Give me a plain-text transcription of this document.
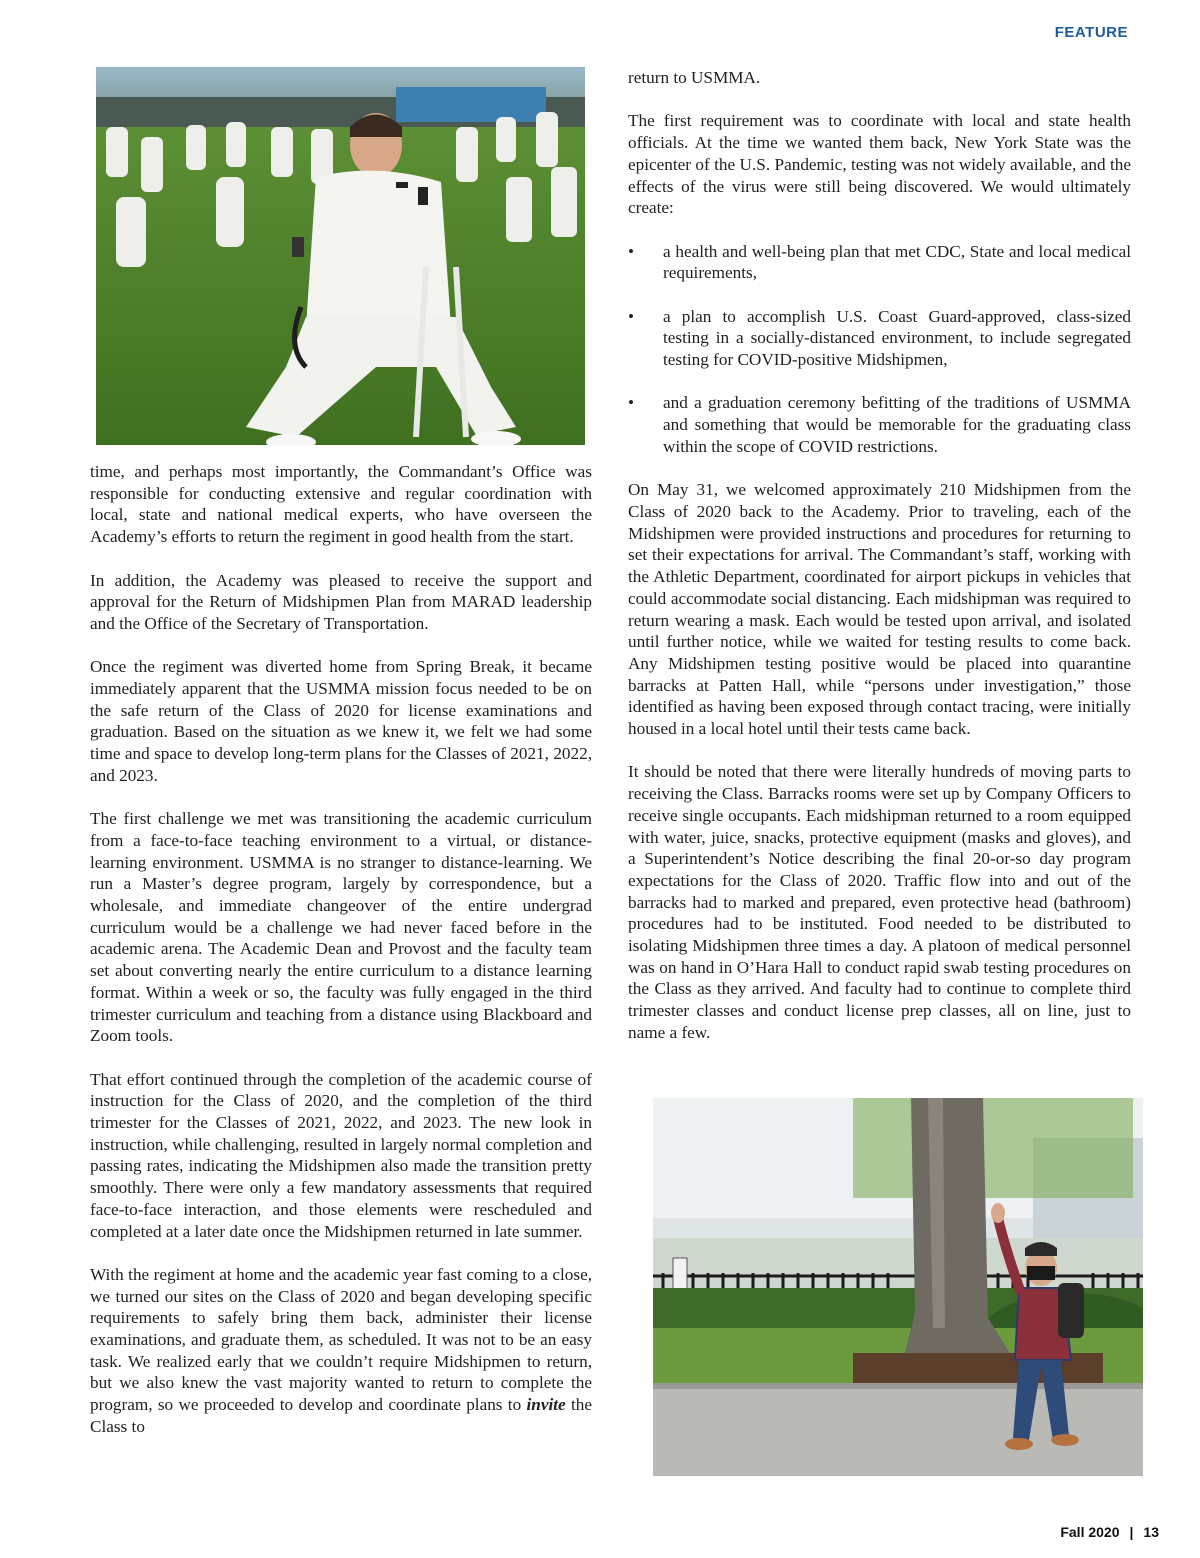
FEATURE

time, and perhaps most importantly, the Commandant’s Office was responsible for conducting extensive and regular coordination with local, state and national medical experts, who have overseen the Academy’s efforts to return the regiment in good health from the start.

In addition, the Academy was pleased to receive the support and approval for the Return of Midshipmen Plan from MARAD leadership and the Office of the Secretary of Transportation.

Once the regiment was diverted home from Spring Break, it became immediately apparent that the USMMA mission focus needed to be on the safe return of the Class of 2020 for license examinations and graduation. Based on the situation as we knew it, we felt we had some time and space to develop long-term plans for the Classes of 2021, 2022, and 2023.

The first challenge we met was transitioning the academic curriculum from a face-to-face teaching environment to a virtual, or distance-learning environment. USMMA is no stranger to distance-learning. We run a Master’s degree program, largely by correspondence, but a wholesale, and immediate changeover of the entire undergrad curriculum would be a challenge we had never faced before in the academic arena. The Academic Dean and Provost and the faculty team set about converting nearly the entire curriculum to a distance learning format. Within a week or so, the faculty was fully engaged in the third trimester curriculum and teaching from a distance using Blackboard and Zoom tools.

That effort continued through the completion of the academic course of instruction for the Class of 2020, and the completion of the third trimester for the Classes of 2021, 2022, and 2023. The new look in instruction, while challenging, resulted in largely normal completion and passing rates, indicating the Midshipmen also made the transition pretty smoothly. There were only a few mandatory assessments that required face-to-face interaction, and those elements were rescheduled and completed at a later date once the Midshipmen returned in late summer.

With the regiment at home and the academic year fast coming to a close, we turned our sites on the Class of 2020 and began developing specific requirements to safely bring them back, administer their license examinations, and graduate them, as scheduled. It was not to be an easy task. We realized early that we couldn’t require Midshipmen to return, but we also knew the vast majority wanted to return to complete the program, so we proceeded to develop and coordinate plans to invite the Class to

return to USMMA.

The first requirement was to coordinate with local and state health officials. At the time we wanted them back, New York State was the epicenter of the U.S. Pandemic, testing was not widely available, and the effects of the virus were still being discovered. We would ultimately create:

• a health and well-being plan that met CDC, State and local medical requirements,
• a plan to accomplish U.S. Coast Guard-approved, class-sized testing in a socially-distanced environment, to include segregated testing for COVID-positive Midshipmen,
• and a graduation ceremony befitting of the traditions of USMMA and something that would be memorable for the graduating class within the scope of COVID restrictions.

On May 31, we welcomed approximately 210 Midshipmen from the Class of 2020 back to the Academy. Prior to traveling, each of the Midshipmen were provided instructions and procedures for returning to set their expectations for arrival. The Commandant’s staff, working with the Athletic Department, coordinated for airport pickups in vehicles that could accommodate social distancing. Each midshipman was required to return wearing a mask. Each would be tested upon arrival, and isolated until further notice, while we waited for testing results to come back. Any Midshipmen testing positive would be placed into quarantine barracks at Patten Hall, while “persons under investigation,” those identified as having been exposed through contact tracing, were initially housed in a local hotel until their tests came back.

It should be noted that there were literally hundreds of moving parts to receiving the Class. Barracks rooms were set up by Company Officers to receive single occupants. Each midshipman returned to a room equipped with water, juice, snacks, protective equipment (masks and gloves), and a Superintendent’s Notice describing the final 20-or-so day program expectations for the Class of 2020. Traffic flow into and out of the barracks had to marked and prepared, even protective head (bathroom) procedures had to be instituted. Food needed to be distributed to isolating Midshipmen three times a day. A platoon of medical personnel was on hand in O’Hara Hall to conduct rapid swab testing procedures on the Class as they arrived. And faculty had to continue to complete third trimester classes and conduct license prep classes, all on line, just to name a few.

Fall 2020 | 13
